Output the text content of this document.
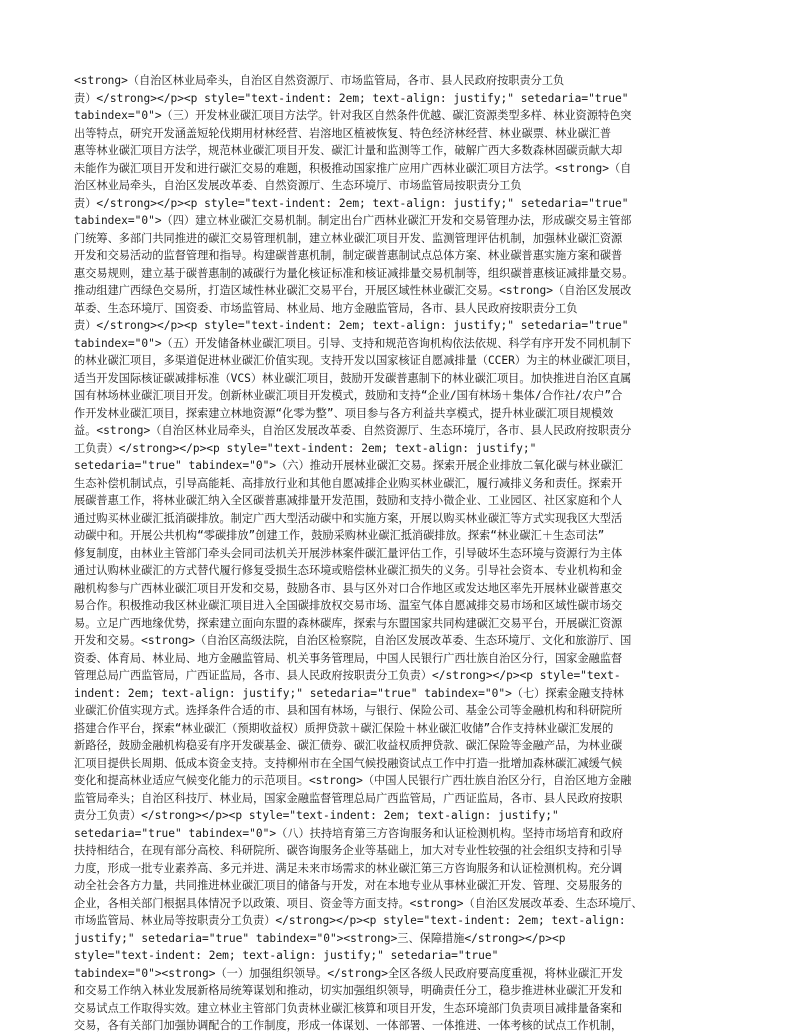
<strong>（自治区林业局牵头，自治区自然资源厅、市场监管局，各市、县人民政府按职责分工负
责）</strong></p><p style="text-indent: 2em; text-align: justify;" setedaria="true"
tabindex="0">（三）开发林业碳汇项目方法学。针对我区自然条件优越、碳汇资源类型多样、林业资源特色突
出等特点，研究开发涵盖短轮伐期用材林经营、岩溶地区植被恢复、特色经济林经营、林业碳票、林业碳汇普
惠等林业碳汇项目方法学，规范林业碳汇项目开发、碳汇计量和监测等工作，破解广西大多数森林固碳贡献大却
未能作为碳汇项目开发和进行碳汇交易的难题，积极推动国家推广应用广西林业碳汇项目方法学。<strong>（自
治区林业局牵头，自治区发展改革委、自然资源厅、生态环境厅、市场监管局按职责分工负
责）</strong></p><p style="text-indent: 2em; text-align: justify;" setedaria="true"
tabindex="0">（四）建立林业碳汇交易机制。制定出台广西林业碳汇开发和交易管理办法，形成碳交易主管部
门统筹、多部门共同推进的碳汇交易管理机制，建立林业碳汇项目开发、监测管理评估机制，加强林业碳汇资源
开发和交易活动的监督管理和指导。构建碳普惠机制，制定碳普惠制试点总体方案、林业碳普惠实施方案和碳普
惠交易规则，建立基于碳普惠制的减碳行为量化核证标准和核证减排量交易机制等，组织碳普惠核证减排量交易。
推动组建广西绿色交易所，打造区域性林业碳汇交易平台，开展区域性林业碳汇交易。<strong>（自治区发展改
革委、生态环境厅、国资委、市场监管局、林业局、地方金融监管局，各市、县人民政府按职责分工负
责）</strong></p><p style="text-indent: 2em; text-align: justify;" setedaria="true"
tabindex="0">（五）开发储备林业碳汇项目。引导、支持和规范咨询机构依法依规、科学有序开发不同机制下
的林业碳汇项目，多渠道促进林业碳汇价值实现。支持开发以国家核证自愿减排量（CCER）为主的林业碳汇项目，
适当开发国际核证碳减排标准（VCS）林业碳汇项目，鼓励开发碳普惠制下的林业碳汇项目。加快推进自治区直属
国有林场林业碳汇项目开发。创新林业碳汇项目开发模式，鼓励和支持“企业/国有林场＋集体/合作社/农户”合
作开发林业碳汇项目，探索建立林地资源“化零为整”、项目参与各方利益共享模式，提升林业碳汇项目规模效
益。<strong>（自治区林业局牵头，自治区发展改革委、自然资源厅、生态环境厅，各市、县人民政府按职责分
工负责）</strong></p><p style="text-indent: 2em; text-align: justify;"
setedaria="true" tabindex="0">（六）推动开展林业碳汇交易。探索开展企业排放二氧化碳与林业碳汇
生态补偿机制试点，引导高能耗、高排放行业和其他自愿减排企业购买林业碳汇，履行减排义务和责任。探索开
展碳普惠工作，将林业碳汇纳入全区碳普惠减排量开发范围，鼓励和支持小微企业、工业园区、社区家庭和个人
通过购买林业碳汇抵消碳排放。制定广西大型活动碳中和实施方案，开展以购买林业碳汇等方式实现我区大型活
动碳中和。开展公共机构“零碳排放”创建工作，鼓励采购林业碳汇抵消碳排放。探索“林业碳汇＋生态司法”
修复制度，由林业主管部门牵头会同司法机关开展涉林案件碳汇量评估工作，引导破坏生态环境与资源行为主体
通过认购林业碳汇的方式替代履行修复受损生态环境或赔偿林业碳汇损失的义务。引导社会资本、专业机构和金
融机构参与广西林业碳汇项目开发和交易，鼓励各市、县与区外对口合作地区或发达地区率先开展林业碳普惠交
易合作。积极推动我区林业碳汇项目进入全国碳排放权交易市场、温室气体自愿减排交易市场和区域性碳市场交
易。立足广西地缘优势，探索建立面向东盟的森林碳库，探索与东盟国家共同构建碳汇交易平台，开展碳汇资源
开发和交易。<strong>（自治区高级法院，自治区检察院，自治区发展改革委、生态环境厅、文化和旅游厅、国
资委、体育局、林业局、地方金融监管局、机关事务管理局，中国人民银行广西壮族自治区分行，国家金融监督
管理总局广西监管局，广西证监局，各市、县人民政府按职责分工负责）</strong></p><p style="text-
indent: 2em; text-align: justify;" setedaria="true" tabindex="0">（七）探索金融支持林
业碳汇价值实现方式。选择条件合适的市、县和国有林场，与银行、保险公司、基金公司等金融机构和科研院所
搭建合作平台，探索“林业碳汇（预期收益权）质押贷款＋碳汇保险＋林业碳汇收储”合作支持林业碳汇发展的
新路径，鼓励金融机构稳妥有序开发碳基金、碳汇债券、碳汇收益权质押贷款、碳汇保险等金融产品，为林业碳
汇项目提供长周期、低成本资金支持。支持柳州市在全国气候投融资试点工作中打造一批增加森林碳汇减缓气候
变化和提高林业适应气候变化能力的示范项目。<strong>（中国人民银行广西壮族自治区分行，自治区地方金融
监管局牵头；自治区科技厅、林业局，国家金融监督管理总局广西监管局，广西证监局，各市、县人民政府按职
责分工负责）</strong></p><p style="text-indent: 2em; text-align: justify;"
setedaria="true" tabindex="0">（八）扶持培育第三方咨询服务和认证检测机构。坚持市场培育和政府
扶持相结合，在现有部分高校、科研院所、碳咨询服务企业等基础上，加大对专业性较强的社会组织支持和引导
力度，形成一批专业素养高、多元并进、满足未来市场需求的林业碳汇第三方咨询服务和认证检测机构。充分调
动全社会各方力量，共同推进林业碳汇项目的储备与开发，对在本地专业从事林业碳汇开发、管理、交易服务的
企业，各相关部门根据具体情况予以政策、项目、资金等方面支持。<strong>（自治区发展改革委、生态环境厅、
市场监管局、林业局等按职责分工负责）</strong></p><p style="text-indent: 2em; text-align:
justify;" setedaria="true" tabindex="0"><strong>三、保障措施</strong></p><p
style="text-indent: 2em; text-align: justify;" setedaria="true"
tabindex="0"><strong>（一）加强组织领导。</strong>全区各级人民政府要高度重视，将林业碳汇开发
和交易工作纳入林业发展新格局统筹谋划和推动，切实加强组织领导，明确责任分工，稳步推进林业碳汇开发和
交易试点工作取得实效。建立林业主管部门负责林业碳汇核算和项目开发，生态环境部门负责项目减排量备案和
交易，各有关部门加强协调配合的工作制度，形成一体谋划、一体部署、一体推进、一体考核的试点工作机制，
